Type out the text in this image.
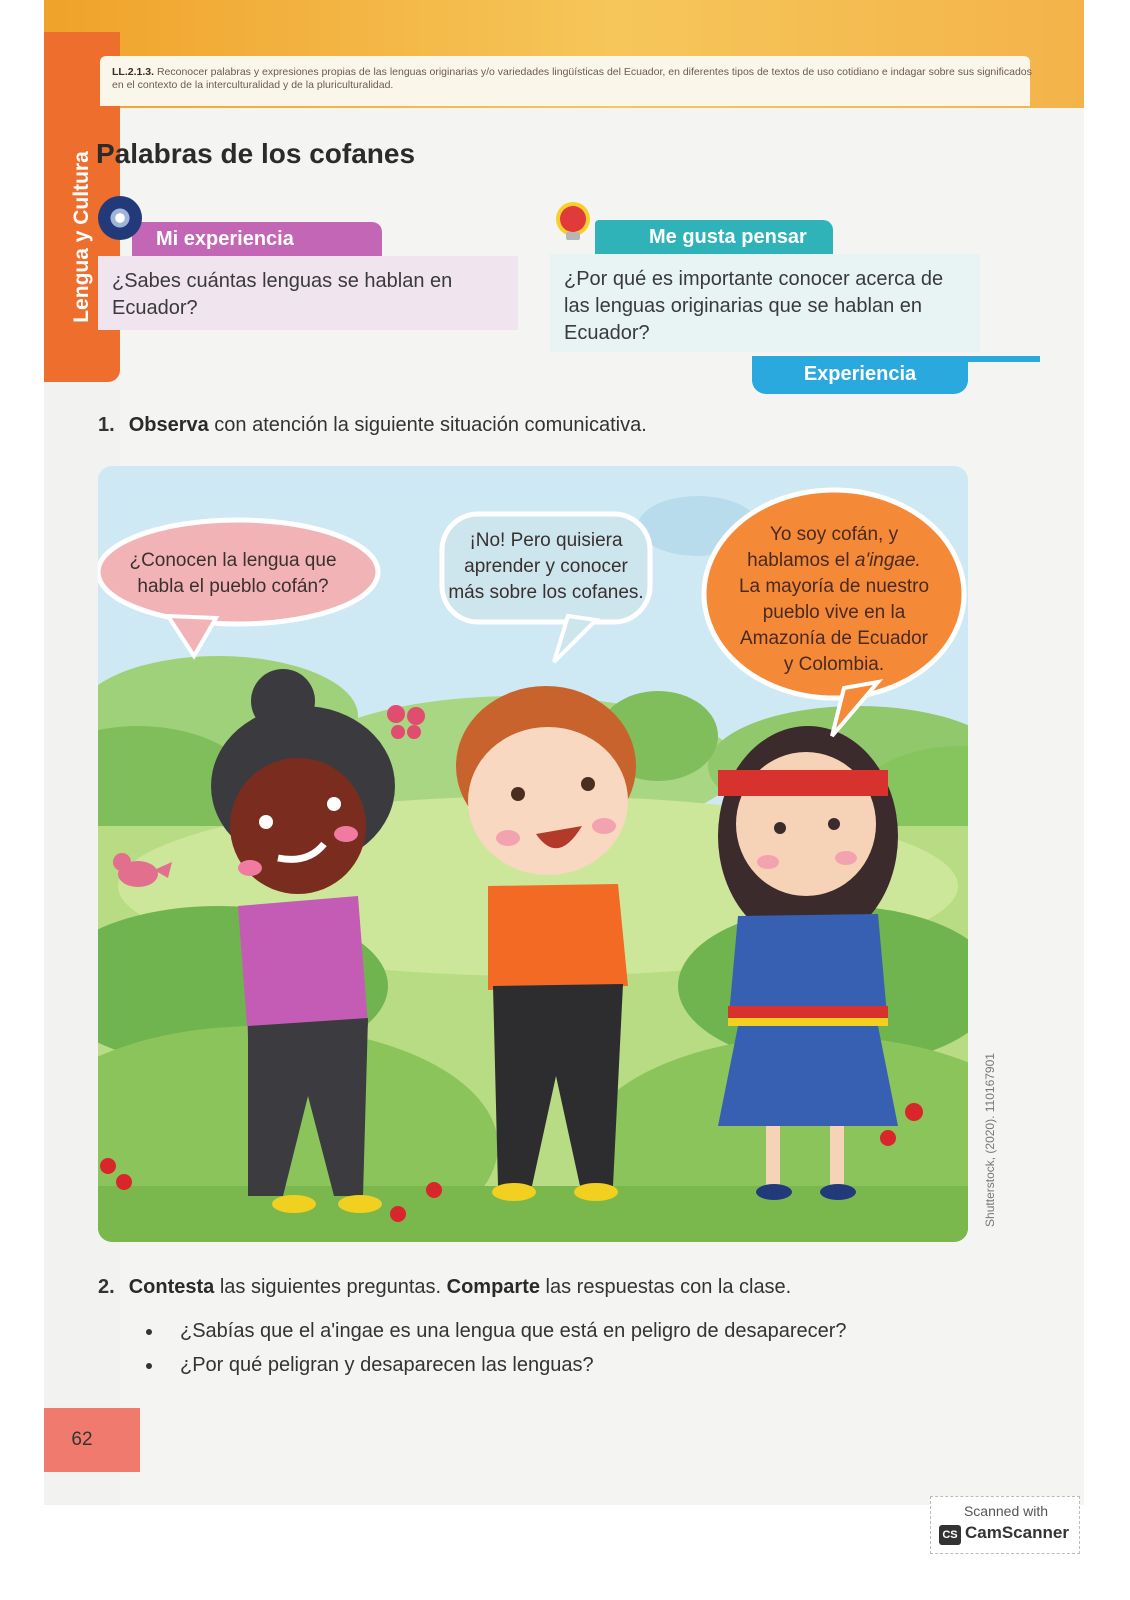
Lengua y Cultura
LL.2.1.3. Reconocer palabras y expresiones propias de las lenguas originarias y/o variedades lingüísticas del Ecuador, en diferentes tipos de textos de uso cotidiano e indagar sobre sus significados en el contexto de la interculturalidad y de la pluriculturalidad.
Palabras de los cofanes
Mi experiencia
¿Sabes cuántas lenguas se hablan en Ecuador?
Me gusta pensar
¿Por qué es importante conocer acerca de las lenguas originarias que se hablan en Ecuador?
Experiencia

1. Observa con atención la siguiente situación comunicativa.

¿Conocen la lengua que
habla el pueblo cofán?
¡No! Pero quisiera
aprender y conocer
más sobre los cofanes.
Yo soy cofán, y
hablamos el a'ingae.
La mayoría de nuestro
pueblo vive en la
Amazonía de Ecuador
y Colombia.
Shutterstock, (2020). 110167901

2. Contesta las siguientes preguntas. Comparte las respuestas con la clase.

¿Sabías que el a'ingae es una lengua que está en peligro de desaparecer?
¿Por qué peligran y desaparecen las lenguas?
62
Scanned with
CS CamScanner
